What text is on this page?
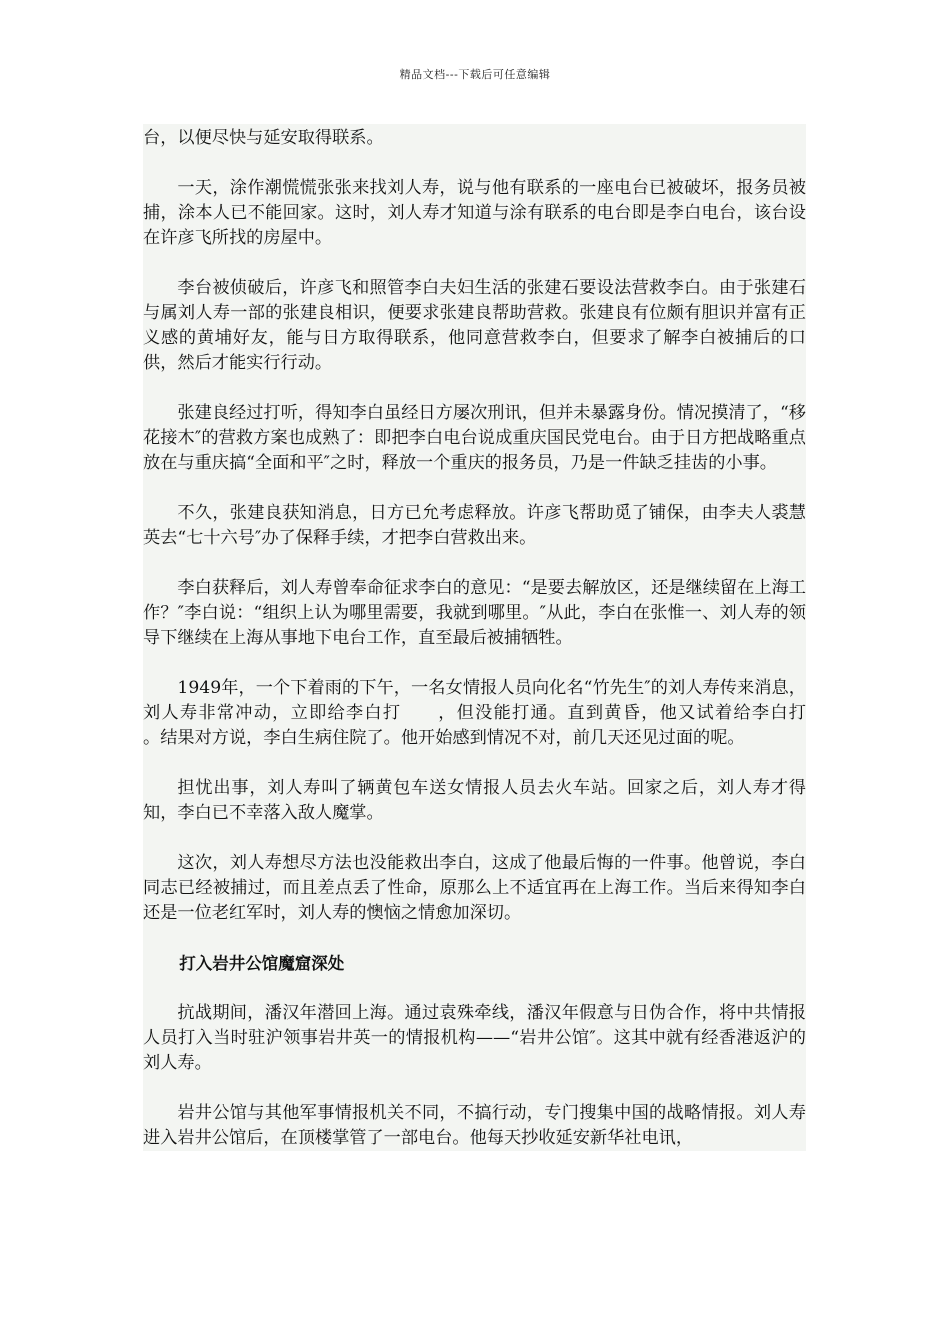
精品文档---下载后可任意编辑

台，以便尽快与延安取得联系。

一天，涂作潮慌慌张张来找刘人寿，说与他有联系的一座电台已被破坏，报务员被捕，涂本人已不能回家。这时，刘人寿才知道与涂有联系的电台即是李白电台，该台设在许彦飞所找的房屋中。

李台被侦破后，许彦飞和照管李白夫妇生活的张建石要设法营救李白。由于张建石与属刘人寿一部的张建良相识，便要求张建良帮助营救。张建良有位颇有胆识并富有正义感的黄埔好友，能与日方取得联系，他同意营救李白，但要求了解李白被捕后的口供，然后才能实行行动。

张建良经过打听，得知李白虽经日方屡次刑讯，但并未暴露身份。情况摸清了，“移花接木″的营救方案也成熟了：即把李白电台说成重庆国民党电台。由于日方把战略重点放在与重庆搞“全面和平″之时，释放一个重庆的报务员，乃是一件缺乏挂齿的小事。

不久，张建良获知消息，日方已允考虑释放。许彦飞帮助觅了铺保，由李夫人裘慧英去“七十六号″办了保释手续，才把李白营救出来。

李白获释后，刘人寿曾奉命征求李白的意见：“是要去解放区，还是继续留在上海工作？″李白说：“组织上认为哪里需要，我就到哪里。″从此，李白在张惟一、刘人寿的领导下继续在上海从事地下电台工作，直至最后被捕牺牲。

1949年，一个下着雨的下午，一名女情报人员向化名“竹先生″的刘人寿传来消息，刘人寿非常冲动，立即给李白打　　，但没能打通。直到黄昏，他又试着给李白打　　。结果对方说，李白生病住院了。他开始感到情况不对，前几天还见过面的呢。

担忧出事，刘人寿叫了辆黄包车送女情报人员去火车站。回家之后，刘人寿才得知，李白已不幸落入敌人魔掌。

这次，刘人寿想尽方法也没能救出李白，这成了他最后悔的一件事。他曾说，李白同志已经被捕过，而且差点丢了性命，原那么上不适宜再在上海工作。当后来得知李白还是一位老红军时，刘人寿的懊恼之情愈加深切。

打入岩井公馆魔窟深处

抗战期间，潘汉年潜回上海。通过袁殊牵线，潘汉年假意与日伪合作，将中共情报人员打入当时驻沪领事岩井英一的情报机构——“岩井公馆″。这其中就有经香港返沪的刘人寿。

岩井公馆与其他军事情报机关不同，不搞行动，专门搜集中国的战略情报。刘人寿进入岩井公馆后，在顶楼掌管了一部电台。他每天抄收延安新华社电讯，
